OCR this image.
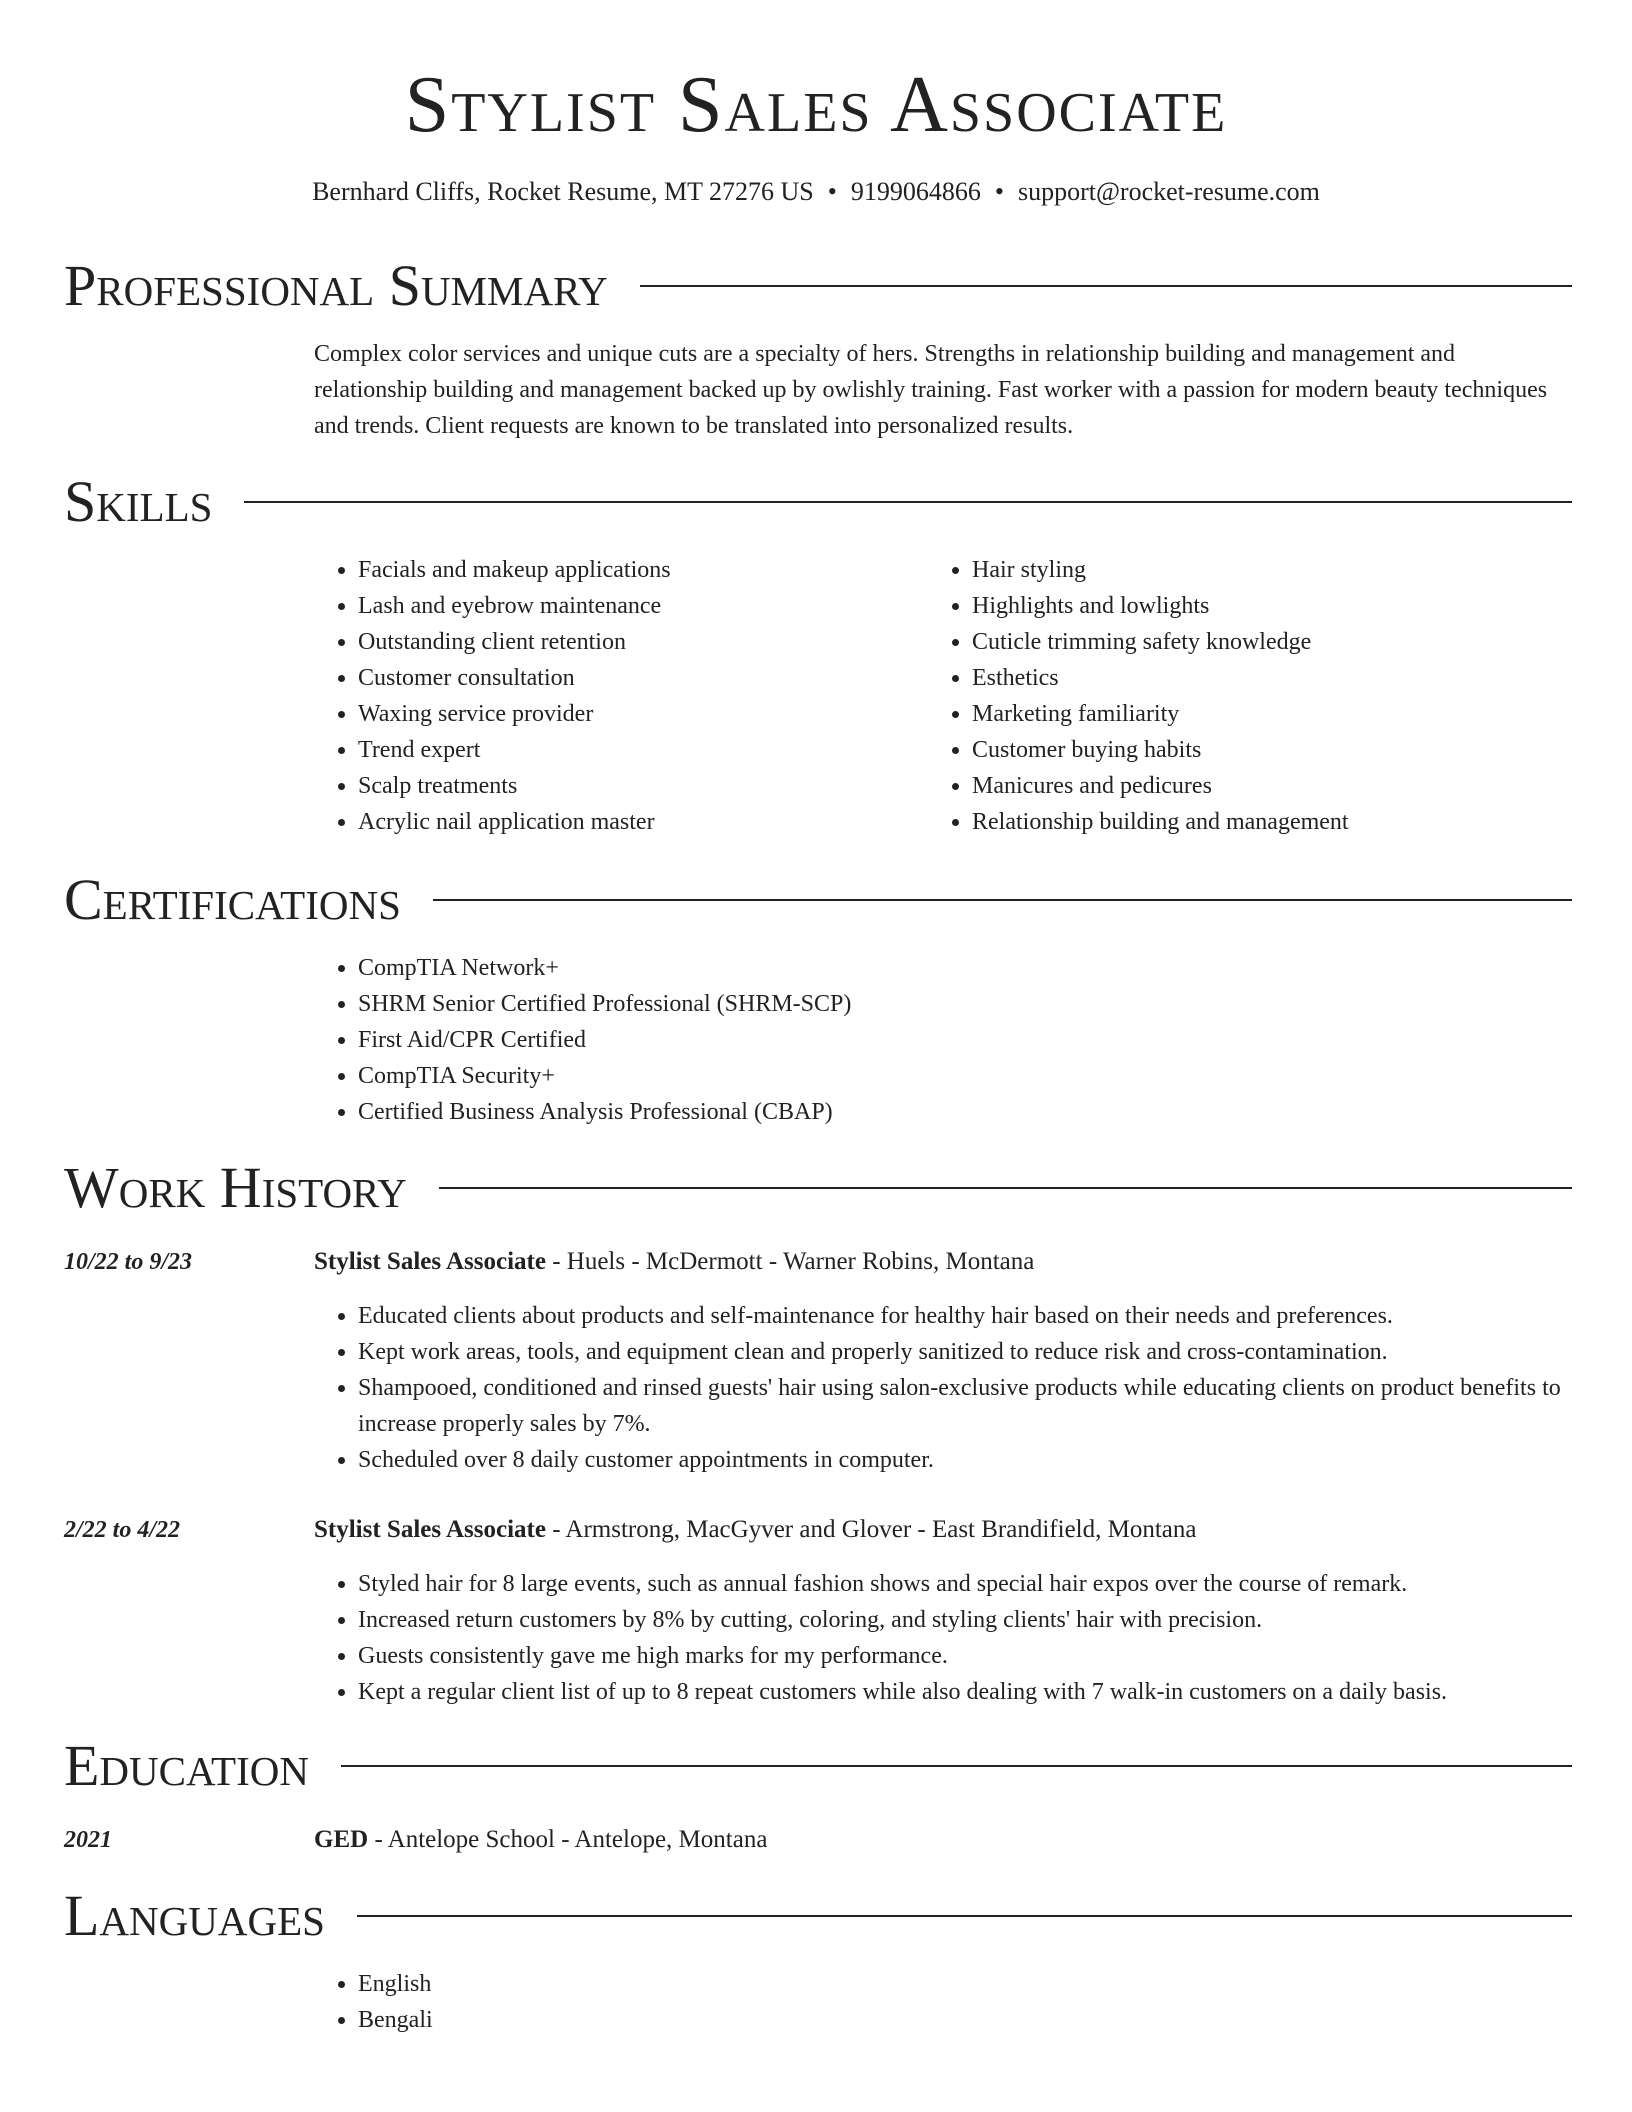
Stylist Sales Associate
Bernhard Cliffs, Rocket Resume, MT 27276 US • 9199064866 • support@rocket-resume.com
Professional Summary

Complex color services and unique cuts are a specialty of hers. Strengths in relationship building and management and relationship building and management backed up by owlishly training. Fast worker with a passion for modern beauty techniques and trends. Client requests are known to be translated into personalized results.

Skills
• Facials and makeup applications
• Lash and eyebrow maintenance
• Outstanding client retention
• Customer consultation
• Waxing service provider
• Trend expert
• Scalp treatments
• Acrylic nail application master
• Hair styling
• Highlights and lowlights
• Cuticle trimming safety knowledge
• Esthetics
• Marketing familiarity
• Customer buying habits
• Manicures and pedicures
• Relationship building and management
Certifications
• CompTIA Network+
• SHRM Senior Certified Professional (SHRM-SCP)
• First Aid/CPR Certified
• CompTIA Security+
• Certified Business Analysis Professional (CBAP)
Work History
10/22 to 9/23	Stylist Sales Associate - Huels - McDermott - Warner Robins, Montana
• Educated clients about products and self-maintenance for healthy hair based on their needs and preferences.
• Kept work areas, tools, and equipment clean and properly sanitized to reduce risk and cross-contamination.
• Shampooed, conditioned and rinsed guests' hair using salon-exclusive products while educating clients on product benefits to increase properly sales by 7%.
• Scheduled over 8 daily customer appointments in computer.
2/22 to 4/22	Stylist Sales Associate - Armstrong, MacGyver and Glover - East Brandifield, Montana
• Styled hair for 8 large events, such as annual fashion shows and special hair expos over the course of remark.
• Increased return customers by 8% by cutting, coloring, and styling clients' hair with precision.
• Guests consistently gave me high marks for my performance.
• Kept a regular client list of up to 8 repeat customers while also dealing with 7 walk-in customers on a daily basis.
Education
2021	GED - Antelope School - Antelope, Montana
Languages
• English
• Bengali
